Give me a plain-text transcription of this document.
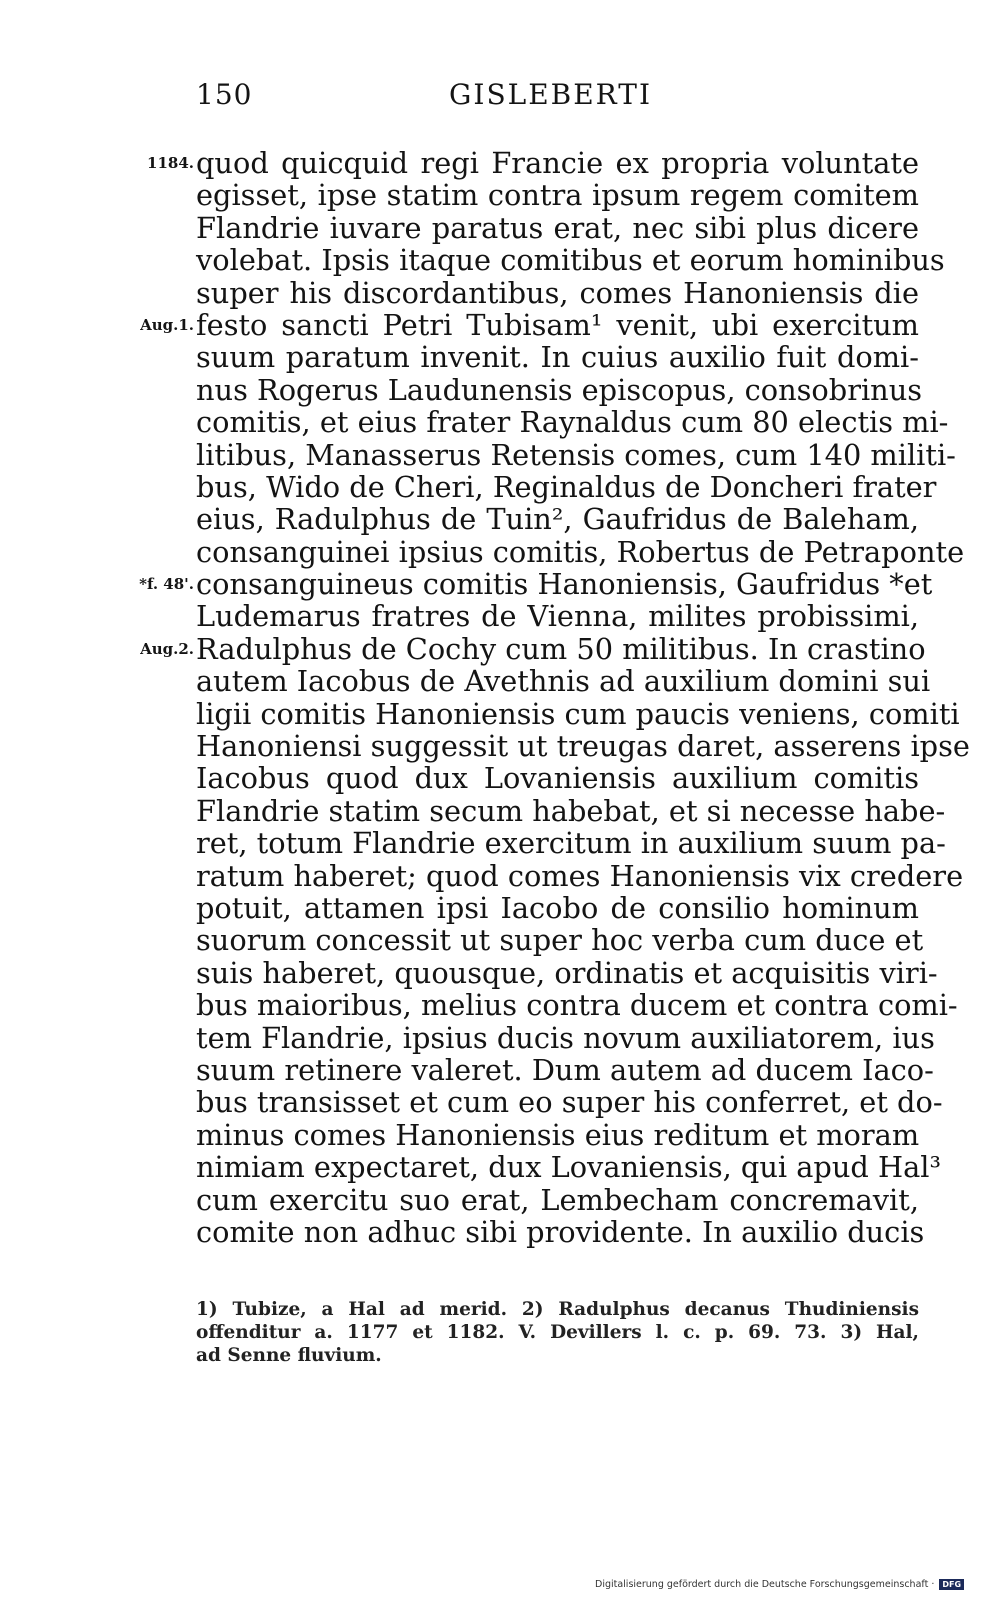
150	GISLEBERTI
1184.
Aug.1.
*f. 48'.
Aug.2.
quod quicquid regi Francie ex propria voluntate
egisset, ipse statim contra ipsum regem comitem
Flandrie iuvare paratus erat, nec sibi plus dicere
volebat. Ipsis itaque comitibus et eorum hominibus
super his discordantibus, comes Hanoniensis die
festo sancti Petri Tubisam¹ venit, ubi exercitum
suum paratum invenit. In cuius auxilio fuit domi-
nus Rogerus Laudunensis episcopus, consobrinus
comitis, et eius frater Raynaldus cum 80 electis mi-
litibus, Manasserus Retensis comes, cum 140 militi-
bus, Wido de Cheri, Reginaldus de Doncheri frater
eius, Radulphus de Tuin², Gaufridus de Baleham,
consanguinei ipsius comitis, Robertus de Petraponte
consanguineus comitis Hanoniensis, Gaufridus *et
Ludemarus fratres de Vienna, milites probissimi,
Radulphus de Cochy cum 50 militibus. In crastino
autem Iacobus de Avethnis ad auxilium domini sui
ligii comitis Hanoniensis cum paucis veniens, comiti
Hanoniensi suggessit ut treugas daret, asserens ipse
Iacobus quod dux Lovaniensis auxilium comitis
Flandrie statim secum habebat, et si necesse habe-
ret, totum Flandrie exercitum in auxilium suum pa-
ratum haberet; quod comes Hanoniensis vix credere
potuit, attamen ipsi Iacobo de consilio hominum
suorum concessit ut super hoc verba cum duce et
suis haberet, quousque, ordinatis et acquisitis viri-
bus maioribus, melius contra ducem et contra comi-
tem Flandrie, ipsius ducis novum auxiliatorem, ius
suum retinere valeret. Dum autem ad ducem Iaco-
bus transisset et cum eo super his conferret, et do-
minus comes Hanoniensis eius reditum et moram
nimiam expectaret, dux Lovaniensis, qui apud Hal³
cum exercitu suo erat, Lembecham concremavit,
comite non adhuc sibi providente. In auxilio ducis
1) Tubize, a Hal ad merid. 2) Radulphus decanus Thudiniensis
offenditur a. 1177 et 1182. V. Devillers l. c. p. 69. 73. 3) Hal,
ad Senne fluvium.
Digitalisierung gefördert durch die Deutsche Forschungsgemeinschaft · DFG
